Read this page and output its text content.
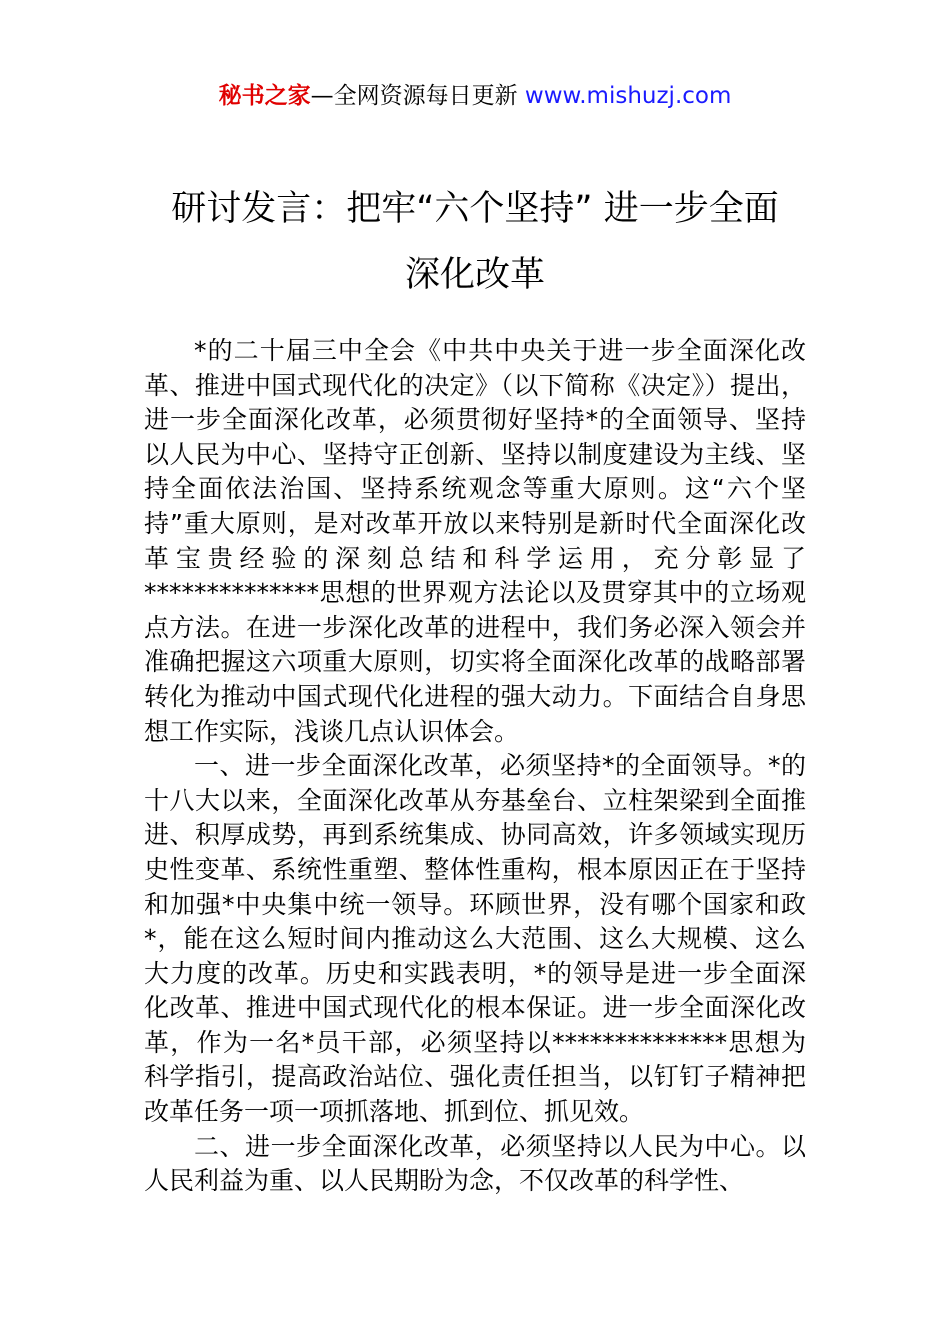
秘书之家—全网资源每日更新 www.mishuzj.com
研讨发言：把牢“六个坚持” 进一步全面
深化改革

*的二十届三中全会《中共中央关于进一步全面深化改革、推进中国式现代化的决定》（以下简称《决定》）提出，进一步全面深化改革，必须贯彻好坚持*的全面领导、坚持以人民为中心、坚持守正创新、坚持以制度建设为主线、坚持全面依法治国、坚持系统观念等重大原则。这“六个坚持”重大原则，是对改革开放以来特别是新时代全面深化改革宝贵经验的深刻总结和科学运用，充分彰显了**************思想的世界观方法论以及贯穿其中的立场观点方法。在进一步深化改革的进程中，我们务必深入领会并准确把握这六项重大原则，切实将全面深化改革的战略部署转化为推动中国式现代化进程的强大动力。下面结合自身思想工作实际，浅谈几点认识体会。

一、进一步全面深化改革，必须坚持*的全面领导。*的十八大以来，全面深化改革从夯基垒台、立柱架梁到全面推进、积厚成势，再到系统集成、协同高效，许多领域实现历史性变革、系统性重塑、整体性重构，根本原因正在于坚持和加强*中央集中统一领导。环顾世界，没有哪个国家和政*，能在这么短时间内推动这么大范围、这么大规模、这么大力度的改革。历史和实践表明，*的领导是进一步全面深化改革、推进中国式现代化的根本保证。进一步全面深化改革，作为一名*员干部，必须坚持以**************思想为科学指引，提高政治站位、强化责任担当，以钉钉子精神把改革任务一项一项抓落地、抓到位、抓见效。

二、进一步全面深化改革，必须坚持以人民为中心。以人民利益为重、以人民期盼为念，不仅改革的科学性、
